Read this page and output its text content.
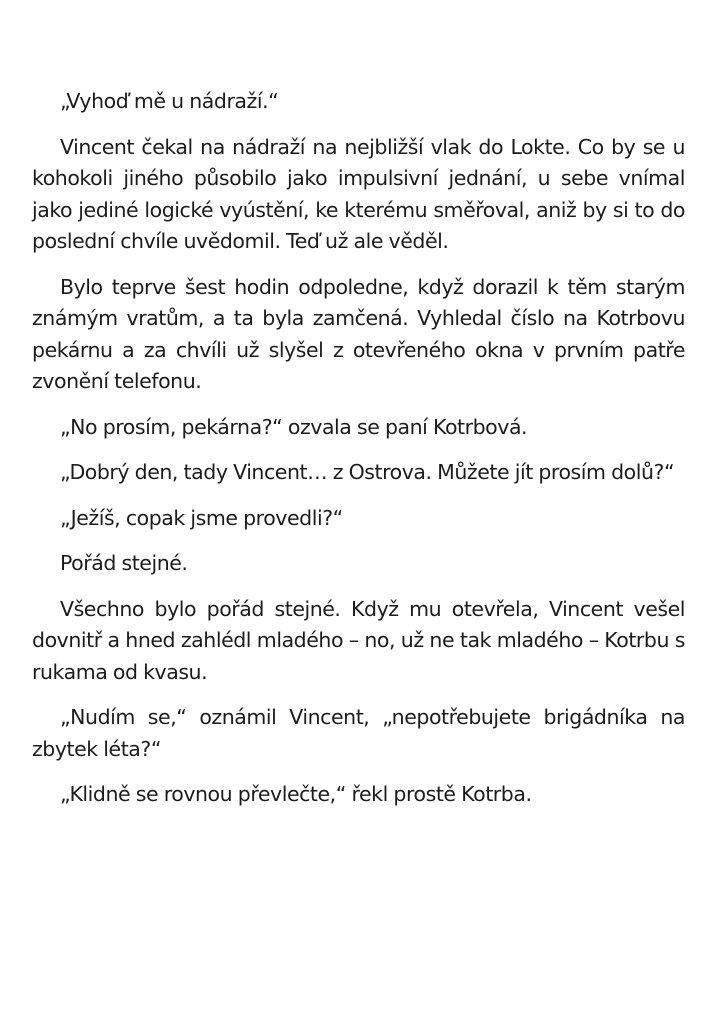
„Vyhoď mě u nádraží.“

Vincent čekal na nádraží na nejbližší vlak do Lokte. Co by se u kohokoli jiného působilo jako impulsivní jednání, u sebe vnímal jako jediné logické vyústění, ke kterému směřoval, aniž by si to do poslední chvíle uvědomil. Teď už ale věděl.

Bylo teprve šest hodin odpoledne, když dorazil k těm starým známým vratům, a ta byla zamčená. Vyhledal číslo na Kotrbovu pekárnu a za chvíli už slyšel z otevřeného okna v prvním patře zvonění telefonu.

„No prosím, pekárna?“ ozvala se paní Kotrbová.

„Dobrý den, tady Vincent… z Ostrova. Můžete jít prosím dolů?“

„Ježíš, copak jsme provedli?“

Pořád stejné.

Všechno bylo pořád stejné. Když mu otevřela, Vincent vešel dovnitř a hned zahlédl mladého – no, už ne tak mladého – Kotrbu s rukama od kvasu.

„Nudím se,“ oznámil Vincent, „nepotřebujete brigádníka na zbytek léta?“

„Klidně se rovnou převlečte,“ řekl prostě Kotrba.
